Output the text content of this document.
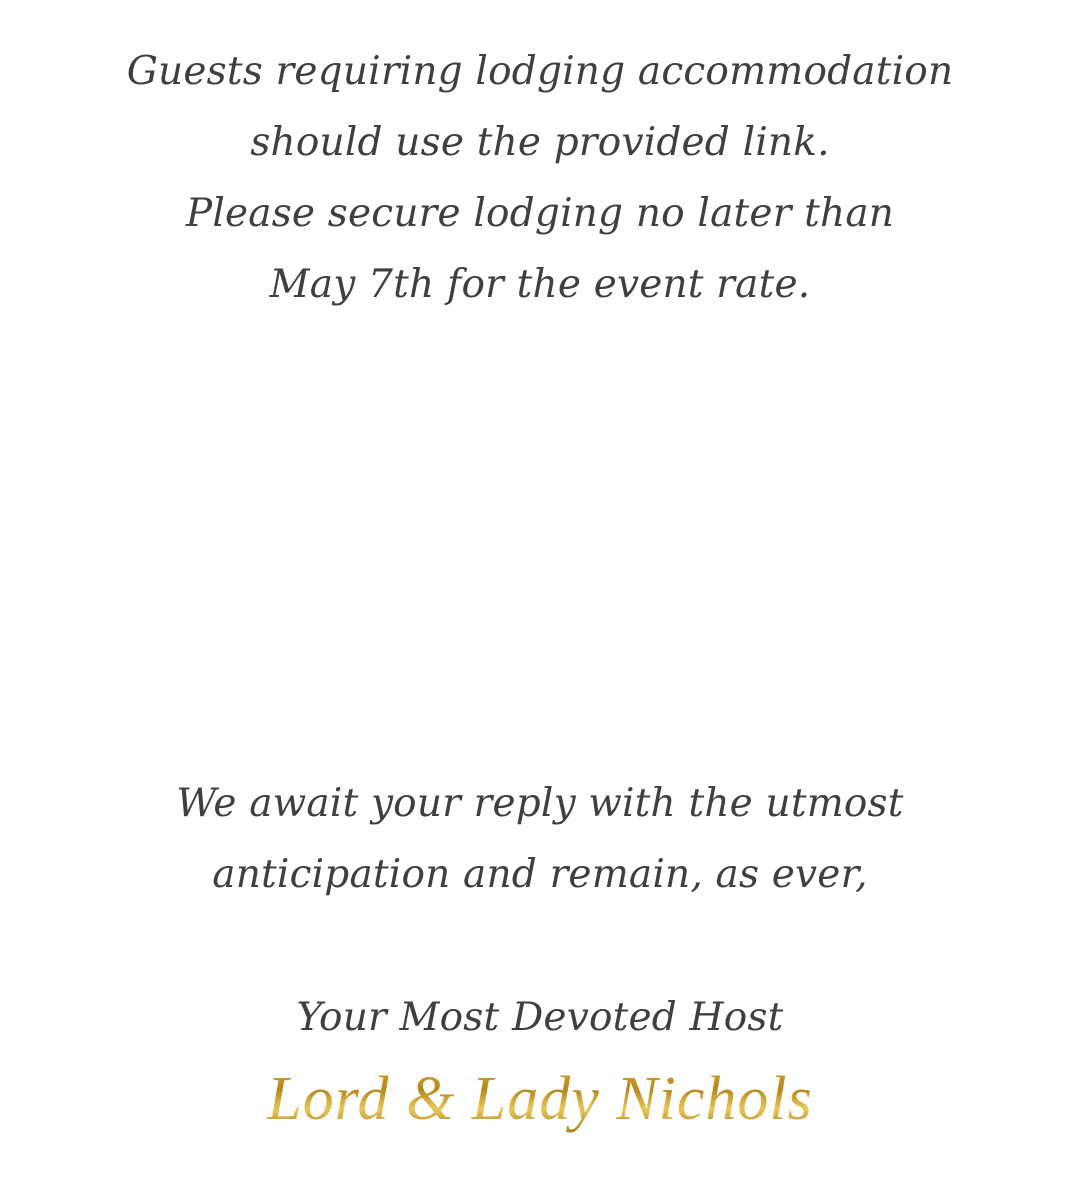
Guests requiring lodging accommodation
should use the provided link.
Please secure lodging no later than
May 7th for the event rate.
We await your reply with the utmost
anticipation and remain, as ever,
Your Most Devoted Host
Lord & Lady Nichols
